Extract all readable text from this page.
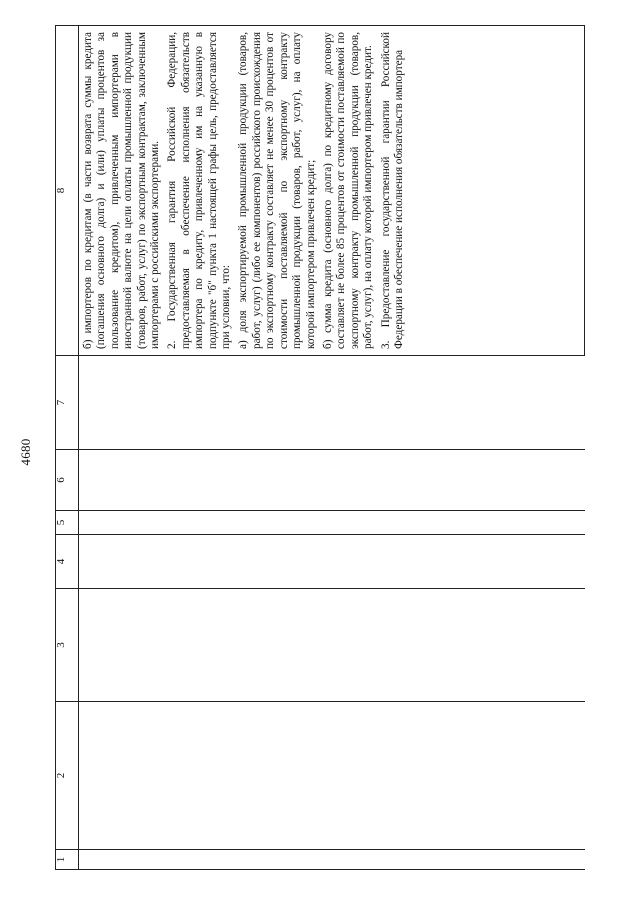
4680
1	2	3	4	5	6	7	8

							б) импортеров по кредитам (в части возврата суммы кредита (погашения основного долга) и (или) уплаты процентов за пользование кредитом), привлеченным импортерами в иностранной валюте на цели оплаты промышленной продукции (товаров, работ, услуг) по экспортным контрактам, заключенным импортерами с российскими экспортерами. 2. Государственная гарантия Российской Федерации, предоставляемая в обеспечение исполнения обязательств импортера по кредиту, привлеченному им на указанную в подпункте "б" пункта 1 настоящей графы цель, предоставляется при условии, что: а) доля экспортируемой промышленной продукции (товаров, работ, услуг) (либо ее компонентов) российского происхождения по экспортному контракту составляет не менее 30 процентов от стоимости поставляемой по экспортному контракту промышленной продукции (товаров, работ, услуг), на оплату которой импортером привлечен кредит; б) сумма кредита (основного долга) по кредитному договору составляет не более 85 процентов от стоимости поставляемой по экспортному контракту промышленной продукции (товаров, работ, услуг), на оплату которой импортером привлечен кредит. 3. Предоставление государственной гарантии Российской Федерации в обеспечение исполнения обязательств импортера
